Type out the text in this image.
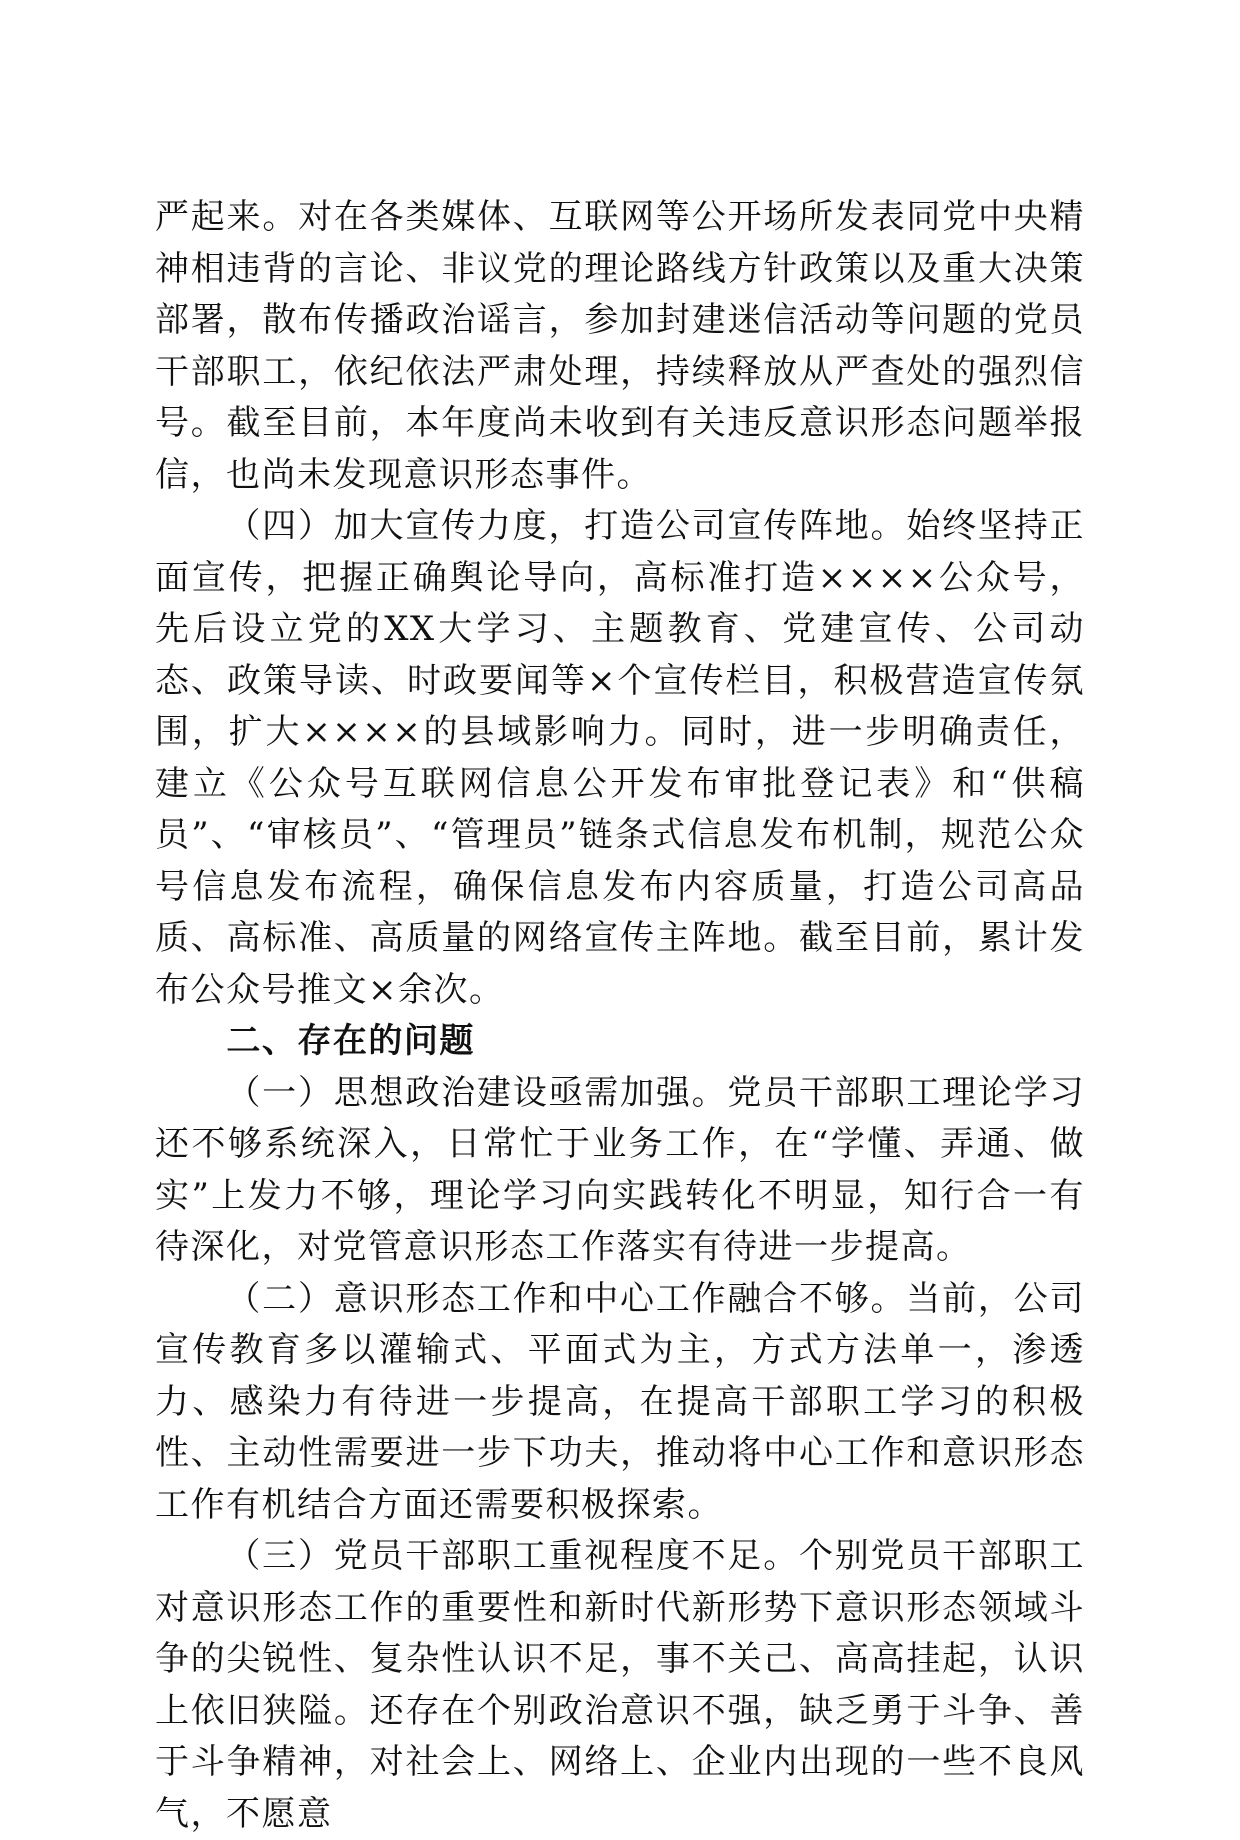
严起来。对在各类媒体、互联网等公开场所发表同党中央精神相违背的言论、非议党的理论路线方针政策以及重大决策部署，散布传播政治谣言，参加封建迷信活动等问题的党员干部职工，依纪依法严肃处理，持续释放从严查处的强烈信号。截至目前，本年度尚未收到有关违反意识形态问题举报信，也尚未发现意识形态事件。

（四）加大宣传力度，打造公司宣传阵地。始终坚持正面宣传，把握正确舆论导向，高标准打造××××公众号，先后设立党的XX大学习、主题教育、党建宣传、公司动态、政策导读、时政要闻等×个宣传栏目，积极营造宣传氛围，扩大××××的县域影响力。同时，进一步明确责任，建立《公众号互联网信息公开发布审批登记表》和“供稿员”、“审核员”、“管理员”链条式信息发布机制，规范公众号信息发布流程，确保信息发布内容质量，打造公司高品质、高标准、高质量的网络宣传主阵地。截至目前，累计发布公众号推文×余次。

二、存在的问题

（一）思想政治建设亟需加强。党员干部职工理论学习还不够系统深入，日常忙于业务工作，在“学懂、弄通、做实”上发力不够，理论学习向实践转化不明显，知行合一有待深化，对党管意识形态工作落实有待进一步提高。

（二）意识形态工作和中心工作融合不够。当前，公司宣传教育多以灌输式、平面式为主，方式方法单一，渗透力、感染力有待进一步提高，在提高干部职工学习的积极性、主动性需要进一步下功夫，推动将中心工作和意识形态工作有机结合方面还需要积极探索。

（三）党员干部职工重视程度不足。个别党员干部职工对意识形态工作的重要性和新时代新形势下意识形态领域斗争的尖锐性、复杂性认识不足，事不关己、高高挂起，认识上依旧狭隘。还存在个别政治意识不强，缺乏勇于斗争、善于斗争精神，对社会上、网络上、企业内出现的一些不良风气，不愿意
